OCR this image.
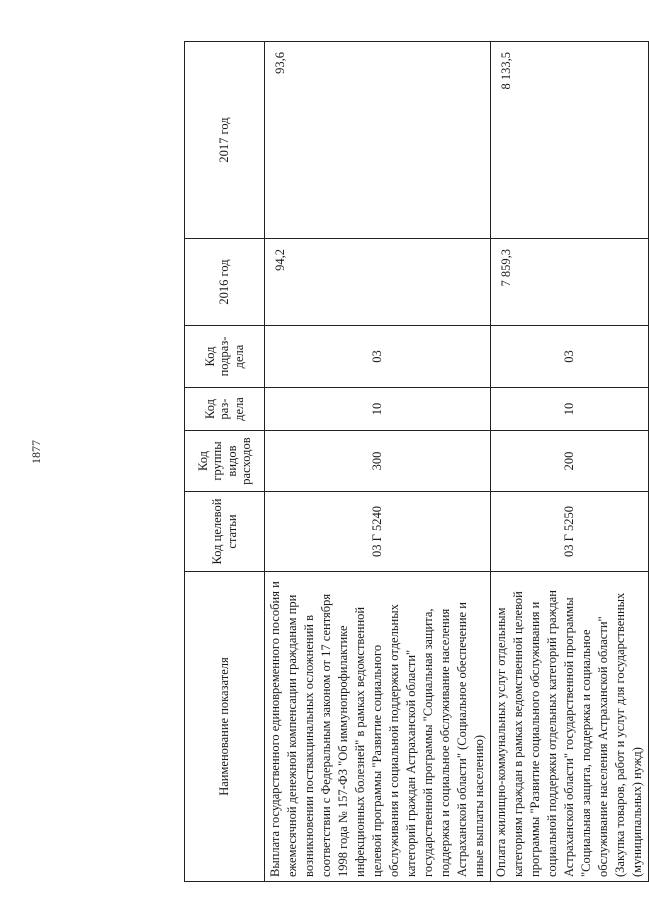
1877
Наименование показателя	Код целевой статьи	Код группы видов расходов	Код раз-дела	Код подраз-дела	2016 год	2017 год
Выплата государственного единовременного пособия и ежемесячной денежной компенсации гражданам при возникновении поствакцинальных осложнений в соответствии с Федеральным законом от 17 сентября 1998 года № 157-ФЗ "Об иммунопрофилактике инфекционных болезней" в рамках ведомственной целевой программы "Развитие социального обслуживания и социальной поддержки отдельных категорий граждан Астраханской области" государственной программы "Социальная защита, поддержка и социальное обслуживание населения Астраханской области" (Социальное обеспечение и иные выплаты населению)	03 Г 5240	300	10	03	94,2	93,6
Оплата жилищно-коммунальных услуг отдельным категориям граждан в рамках ведомственной целевой программы "Развитие социального обслуживания и социальной поддержки отдельных категорий граждан Астраханской области" государственной программы "Социальная защита, поддержка и социальное обслуживание населения Астраханской области" (Закупка товаров, работ и услуг для государственных (муниципальных) нужд)	03 Г 5250	200	10	03	7 859,3	8 133,5
